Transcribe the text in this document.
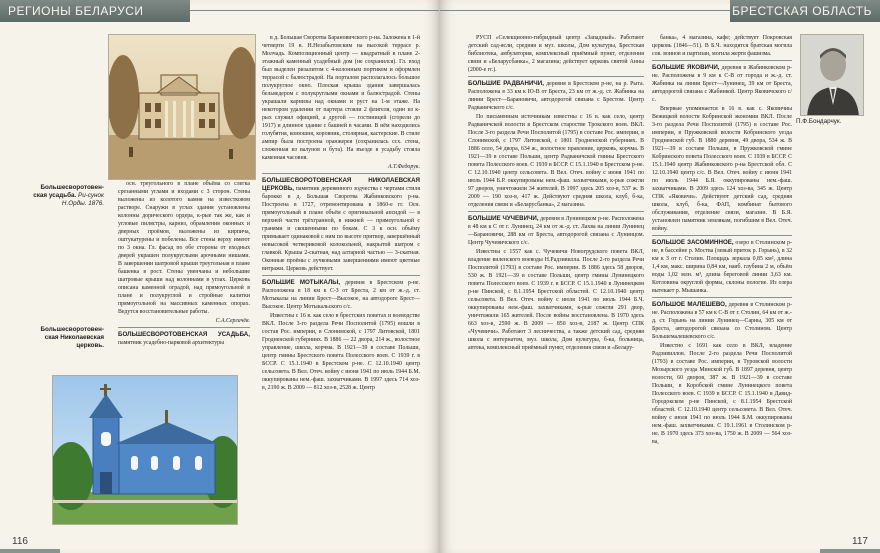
РЕГИОНЫ БЕЛАРУСИ
Большесворотовен-ская усадьба. Ри-сунок Н.Орды. 1876.
Большесворотовен-ская Николаевская церковь.

осн. треугольного в плане объёма со слегка срезанными углами и входами с 3 сторон. Стены выложены из колотого камня на известковом растворе. Снаружи в углах здания установлены колонны дорического ордера, к-рые так же, как и угловые пилястры, карниз, обрамления оконных и дверных проёмов, выложены из кирпича, оштукатурены и побелены. Все стены верху имеют по 3 окна. Гл. фасад по обе стороны от входных дверей украшен полукруглыми арочными нишами. В завершении шатровой крыши треугольная в плане башенка в рост. Стены увенчаны и небольшие шатровые крыши над колоннами в углах. Церковь описана каменной оградой, над прямоугольной в плане и полукруглой и стройные калитки прямоугольной на массивных каменных опорах. Ведутся восстановительные работы.

С.А.Сергачёв.
БОЛЬШЕСВОРОТОВЕНСКАЯ УСАДЬБА, памятник усадебно-парковой архитектуры

в д. Большая Своротва Барановичского р-на. Заложена в 1-й четверти 19 в. Н.Незабытовским на высокой террасе р. Молчадь. Композиционный центр — квадратный в плане 2-этажный каменный усадебный дом (не сохранился). Гл. вход был выделен ризалитом с 4-колонным портиком и оформлен террасой с балюстрадой. На порталом располагалось большое полукруглое окно. Плоская крыша здания завершалась бельведером с полукруглыми окнами и балюстрадой. Стены украшали карнизы над окнами и руст на 1-м этаже. На некотором удалении от партера стояли 2 флигеля, один из к-рых служил официей, а другой — гостиницей (сгорели до 1917) и длинное здание с башней в часами. В нём находились голубятня, конюшня, коровник, столярная, кастерские. В стиле ампир была построена оранжерея (сохранилась ссх. стена, сложенная из валунов и бута). На въезде в усадьбу стояла каменная часовня.

А.Т.Федорук.

БОЛЬШЕСВОРОТОВЕНСКАЯ НИКОЛАЕВСКАЯ ЦЕРКОВЬ, памятник деревянного зодчества с чертами стиля барокко в д. Большая Своротва Жабинковского р-на. Построена в 1727, отремонтирована в 1860-е гг. Осн. прямоугольный в плане объём с оригинальной апсидой — в верхней части трёхгранной, в нижней — прямоугольной с гранями и скошенными по бокам. С 3 к осн. объёму примыкает одинаковой с ним по высоте притвор, завершённый невысокой четвериковой колокольней, накрытой шатром с главкой. Крыша 2-скатная, над алтарной частью — 3-скатная. Оконные проёмы с лучковыми завершениями имеют цветные витражи. Церковь действует.

БОЛЬШИЕ МОТЫКАЛЫ, деревня в Брестском р-не. Расположена в 18 км к С-З от Бреста, 2 км от ж.-д. ст. Мотыкалы на линии Брест—Высокое, на автодороге Брест—Высокое. Центр Мотыкальского с/с.

Известны с 16 в. как село в брестских поветах и воеводстве ВКЛ. После 3-го раздела Речи Посполитой (1795) вошли в состав Рос. империи, в Слонимской, с 1797 Литовской, 1801 Гродненской губерниях. В 1886 — 22 двора, 214 ж., волостное управление, школа, корчма. В 1921—39 в составе Польши, центр гмины Брестского повета Полесского воев. С 1939 г. в БССР. С 15.1.1940 в Брестском р-не. С 12.10.1940 центр сельсовета. В Вел. Отеч. войну с июня 1941 по июль 1944 Б.М. оккупированы нем.-фаш. захватчиками. В 1997 здесь 714 хоз-в, 2190 ж. В 2009 — 812 хоз-в, 2528 ж. Центр

116
БРЕСТСКАЯ ОБЛАСТЬ

РУСП «Селекционно-гибридный центр «Западный». Работают детский сад-ясли, средняя и муз. школы, Дом культуры, Брестская библиотека, амбулатория, комплексный приёмный пункт, отделения связи и «Беларусбанка», 2 магазина; действует церковь святой Анны (2000-е гг.).

БОЛЬШИЕ РАДВАНИЧИ, деревня в Брестском р-не, на р. Рыта. Расположена в 33 км к Ю-В от Бреста, 23 км от ж.-д. ст. Жабинка на линии Брест—Барановичи, автодорогой связана с Брестом. Центр Радваничского с/с.

По письменным источникам известны с 16 в. как село, центр Радваничской волости в Брестском старостве Трокского воев. ВКЛ. После 3-го раздела Речи Посполитой (1795) в составе Рос. империи, в Слонимской, с 1797 Литовской, с 1801 Гродненской губерниях. В 1886 село, 54 двора, 634 ж., волостное правление, церковь, корчма. В 1921—39 в составе Польши, центр Радваничской гмины Брестского повета Полесского воев. С 1939 в БССР. С 15.1.1940 в Брестском р-не. С 12.10.1940 центр сельсовета. В Вел. Отеч. войну с июня 1941 по июль 1944 Б.Р. оккупированы нем.-фаш. захватчиками, к-рые сожгли 97 дворов, уничтожили 34 жителей. В 1997 здесь 205 хоз-в, 537 ж. В 2009 — 190 хоз-в, 417 ж. Действуют средняя школа, клуб, б-ка, отделения связи и «Беларусбанка», 2 магазина.

БОЛЬШИЕ ЧУЧЕВИЧИ, деревня в Лунинецком р-не. Расположена в 48 км к С от г. Лунинец, 24 км от ж.-д. ст. Лахва на линии Лунинец—Барановичи, 288 км от Бреста, автодорогой связана с Лунинцом. Центр Чучевичского с/с.

Известны с 1557 как с. Чучевичи Новогрудского повета ВКЛ, владение виленского воеводы Н.Радзивилла. После 2-го раздела Речи Посполитой (1793) в составе Рос. империи. В 1886 здесь 58 дворов, 530 ж. В 1921—39 в составе Польши, центр гмины Лунинецкого повета Полесского воев. С 1939 г. в БССР. С 15.1.1940 в Лунинецком р-не Пинской, с 8.1.1954 Брестской областей. С 12.10.1940 центр сельсовета. В Вел. Отеч. войну с июля 1941 по июль 1944 Б.Ч. оккупированы нем.-фаш. захватчиками, к-рые сожгли 291 двор, уничтожили 165 жителей. После войны восстановлена. В 1970 здесь 663 хоз-в, 2590 ж. В 2009 — 850 хоз-в, 2187 ж. Центр СПК «Чучевичи». Работают 3 лесничества, а также детский сад, средняя школа с интернатом, муз. школа, Дом культуры, б-ка, больница, аптека, комплексный приёмный пункт, отделения связи и «Белару-

банка», 4 магазина, кафе; действует Покровская церковь (1846—51). В Б.Ч. находятся братская могила сов. воинов и партизан, могила жертв фашизма.

БОЛЬШИЕ ЯКОВИЧИ, деревня в Жабинковском р-не. Расположена в 9 км к С-В от города и ж.-д. ст. Жабинка на линии Брест—Лунинец, 39 км от Бреста, автодорогой связана с Жабинкой. Центр Яковичского с/с.

Впервые упоминается в 16 в. как с. Яковичиы Вежицкой волости Кобринской экономии ВКЛ. После 3-го раздела Речи Посполитой (1795) в составе Рос. империи, в Пружковской волости Кобринского уезда Гродненской губ. В 1880 деревня, 49 двора, 534 ж. В 1921—39 в составе Польши, в Пружковской гмине Кобринского повета Полесского воев. С 1939 в БССР. С 15.1.1940 центр Жабинковского р-на Брестской обл. С 12.10.1940 центр с/с. В Вел. Отеч. войну с июня 1941 по июль 1944 Б.Я. оккупированы нем.-фаш. захватчиками. В 2009 здесь 124 хоз-ва, 345 ж. Центр СПК «Яковичи». Действуют детский сад, средняя школа, клуб, б-ка, ФАП, комбинат бытового обслуживания, отделение связи, магазин. В Б.Я. установлен памятник землякам, погибшим в Вел. Отеч. войну.

БОЛЬШОЕ ЗАСОМИННОЕ, озеро в Столинском р-не, в бассейне р. Моства (левый приток р. Горынь), в 32 км к З от г. Столин. Площадь зеркала 0,85 км², длина 1,4 км, макс. ширина 0,84 км, наиб. глубина 2 м, объём воды 1,02 млн. м³, длина береговой линии 3,63 км. Котловина округлой формы, склоны пологие. Из озера вытекает р. Мышанка.

БОЛЬШОЕ МАЛЕШЕВО, деревня в Столинском р-не. Расположена в 57 км к С-В от г. Столин, 64 км от ж.-д. ст. Горынь на линии Лунинец—Сарны, 305 км от Бреста, автодорогой связана со Столином. Центр Большемалешевского с/с.

Известно с 1691 как село в ВКЛ, владение Радзивиллов. После 2-го раздела Речи Посполитой (1793) в составе Рос. империи, в Туровской волости Мозырского уезда Минской губ. В 1897 деревня, центр волости, 60 дворов, 387 ж. В 1921—39 в составе Польши, в Коробской гмине Лунинецкого повета Полесского воев. С 1939 в БССР. С 15.1.1940 в Давид-Городокском р-не Пинской, с 8.1.1954 Брестской областей. С 12.10.1940 центр сельсовета. В Вел. Отеч. войну с июля 1941 по июль 1944 Б.М. оккупированы нем.-фаш. захватчиками. С 19.1.1961 в Столинском р-не. В 1970 здесь 373 хоз-ва, 1750 ж. В 2009 — 564 хоз-ва,

П.Ф.Бондарчук.
117
